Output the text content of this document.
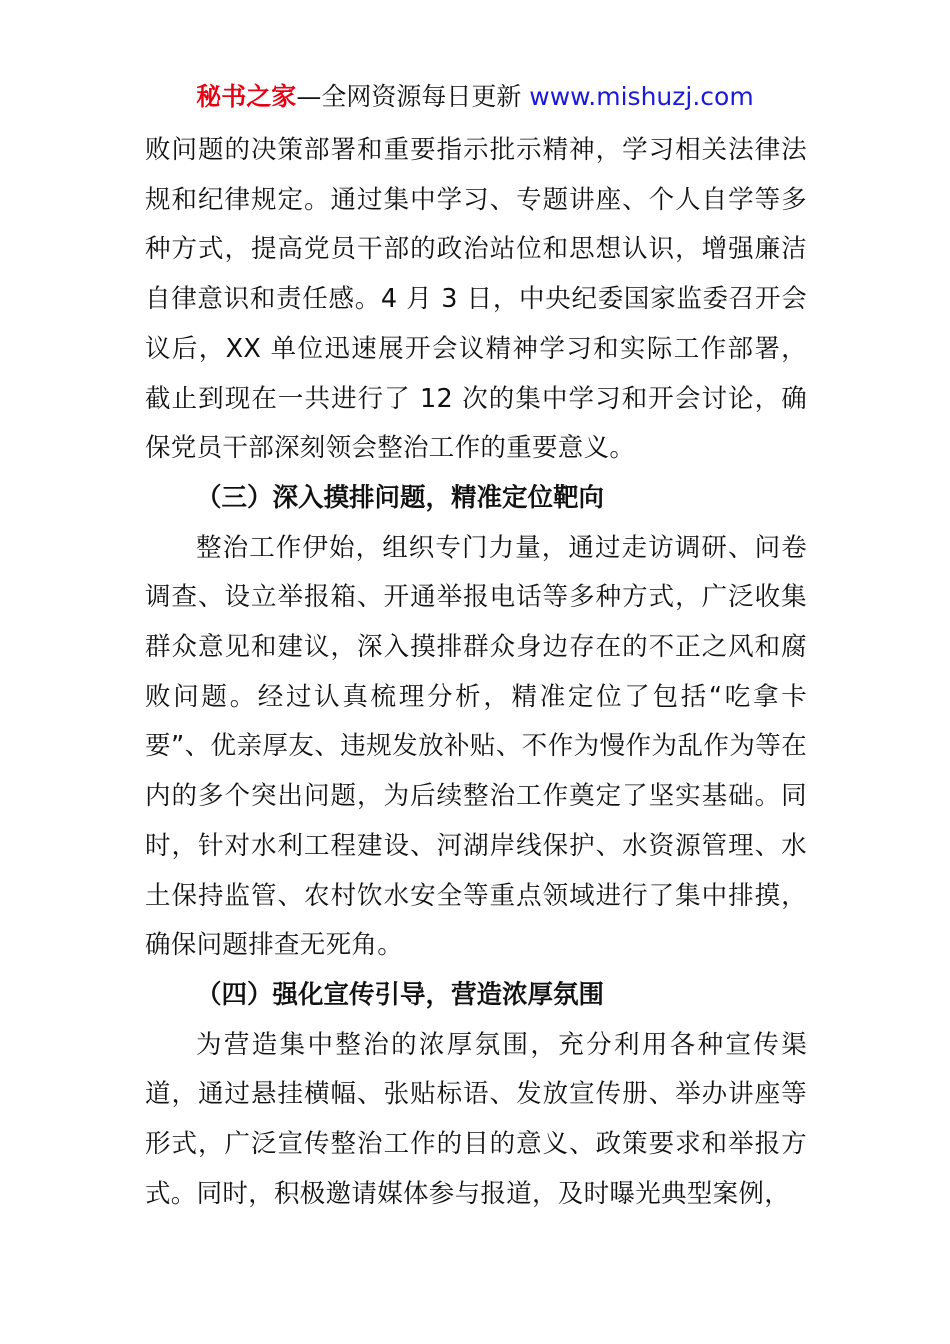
秘书之家—全网资源每日更新 www.mishuzj.com

败问题的决策部署和重要指示批示精神，学习相关法律法规和纪律规定。通过集中学习、专题讲座、个人自学等多种方式，提高党员干部的政治站位和思想认识，增强廉洁自律意识和责任感。4 月 3 日，中央纪委国家监委召开会议后，XX 单位迅速展开会议精神学习和实际工作部署，截止到现在一共进行了 12 次的集中学习和开会讨论，确保党员干部深刻领会整治工作的重要意义。

（三）深入摸排问题，精准定位靶向

整治工作伊始，组织专门力量，通过走访调研、问卷调查、设立举报箱、开通举报电话等多种方式，广泛收集群众意见和建议，深入摸排群众身边存在的不正之风和腐败问题。经过认真梳理分析，精准定位了包括“吃拿卡要”、优亲厚友、违规发放补贴、不作为慢作为乱作为等在内的多个突出问题，为后续整治工作奠定了坚实基础。同时，针对水利工程建设、河湖岸线保护、水资源管理、水土保持监管、农村饮水安全等重点领域进行了集中排摸，确保问题排查无死角。

（四）强化宣传引导，营造浓厚氛围

为营造集中整治的浓厚氛围，充分利用各种宣传渠道，通过悬挂横幅、张贴标语、发放宣传册、举办讲座等形式，广泛宣传整治工作的目的意义、政策要求和举报方式。同时，积极邀请媒体参与报道，及时曝光典型案例，
